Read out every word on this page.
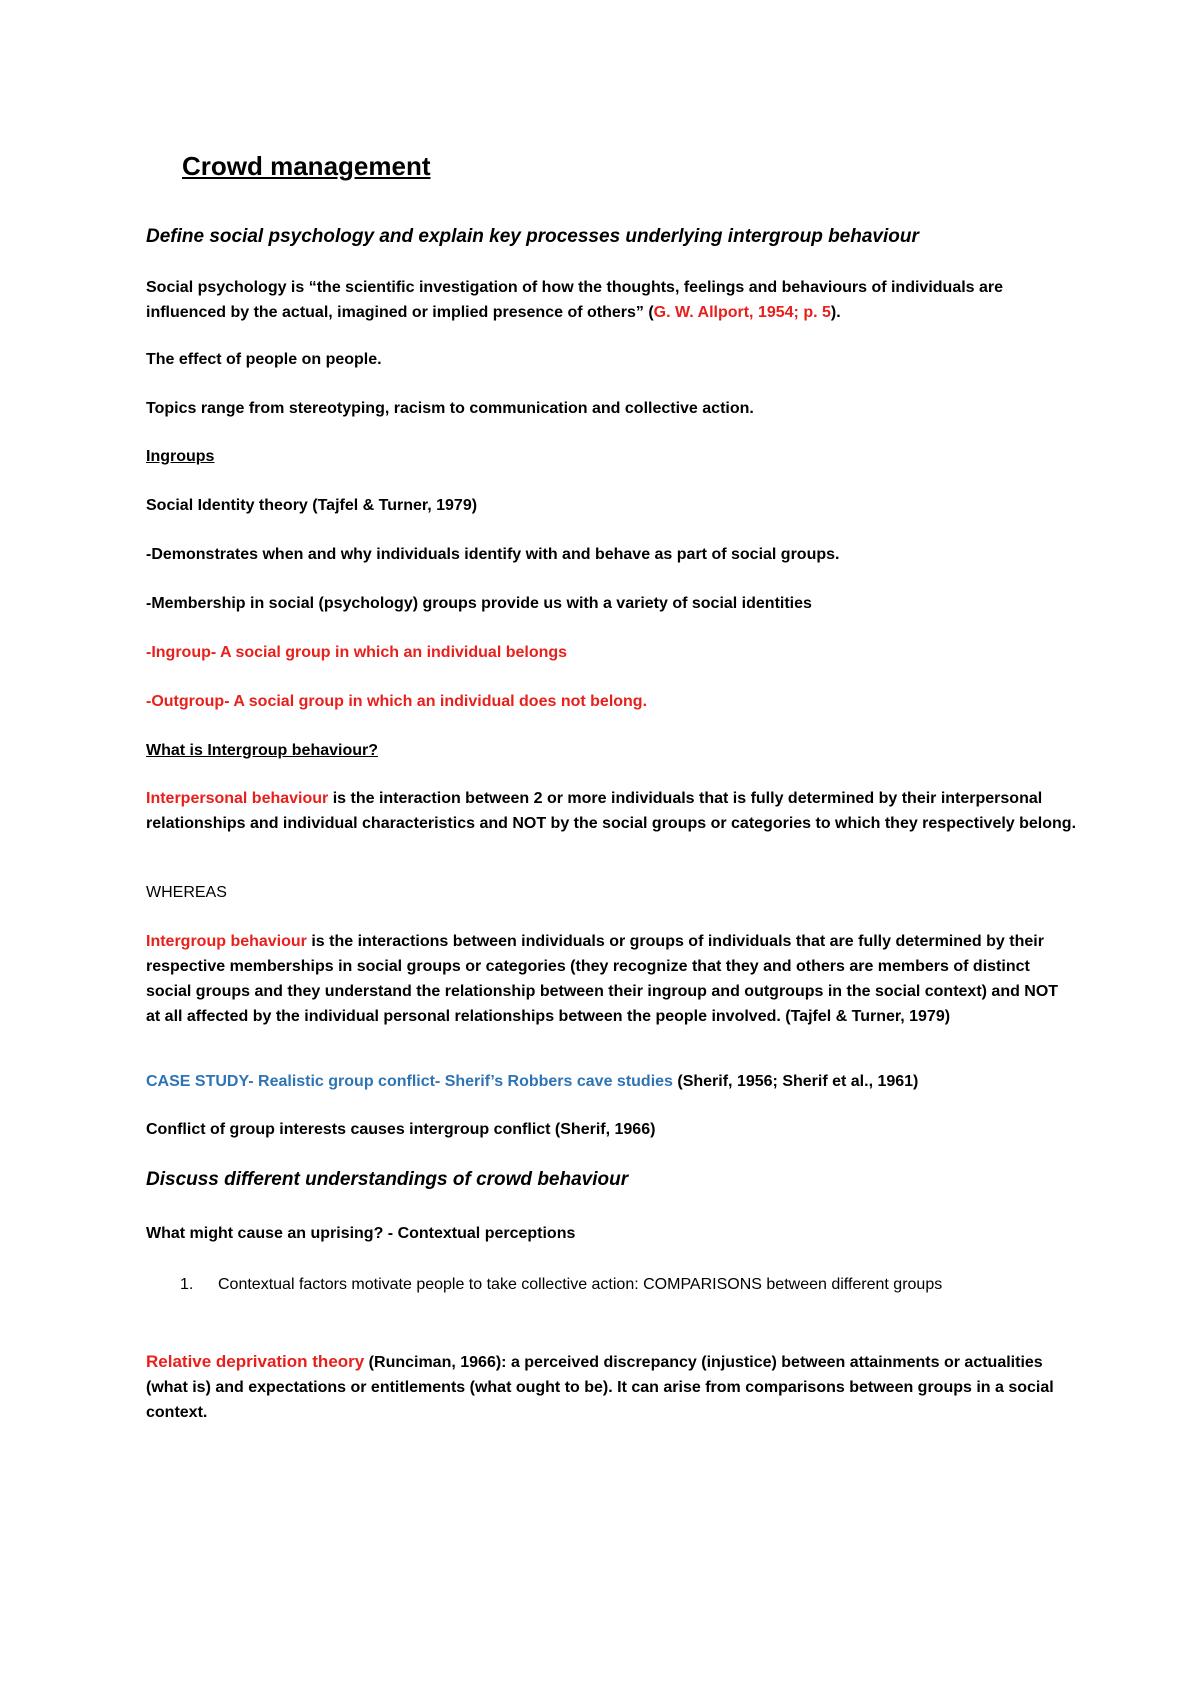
Crowd management

Define social psychology and explain key processes underlying intergroup behaviour

Social psychology is “the scientific investigation of how the thoughts, feelings and behaviours of individuals are influenced by the actual, imagined or implied presence of others” (G. W. Allport, 1954; p. 5).

The effect of people on people.

Topics range from stereotyping, racism to communication and collective action.

Ingroups

Social Identity theory (Tajfel & Turner, 1979)

-Demonstrates when and why individuals identify with and behave as part of social groups.

-Membership in social (psychology) groups provide us with a variety of social identities

-Ingroup- A social group in which an individual belongs

-Outgroup- A social group in which an individual does not belong.

What is Intergroup behaviour?

Interpersonal behaviour is the interaction between 2 or more individuals that is fully determined by their interpersonal relationships and individual characteristics and NOT by the social groups or categories to which they respectively belong.

WHEREAS

Intergroup behaviour is the interactions between individuals or groups of individuals that are fully determined by their respective memberships in social groups or categories (they recognize that they and others are members of distinct social groups and they understand the relationship between their ingroup and outgroups in the social context) and NOT at all affected by the individual personal relationships between the people involved. (Tajfel & Turner, 1979)

CASE STUDY- Realistic group conflict- Sherif’s Robbers cave studies (Sherif, 1956; Sherif et al., 1961)

Conflict of group interests causes intergroup conflict (Sherif, 1966)

Discuss different understandings of crowd behaviour

What might cause an uprising? - Contextual perceptions

1. Contextual factors motivate people to take collective action: COMPARISONS between different groups

Relative deprivation theory (Runciman, 1966): a perceived discrepancy (injustice) between attainments or actualities (what is) and expectations or entitlements (what ought to be). It can arise from comparisons between groups in a social context.
